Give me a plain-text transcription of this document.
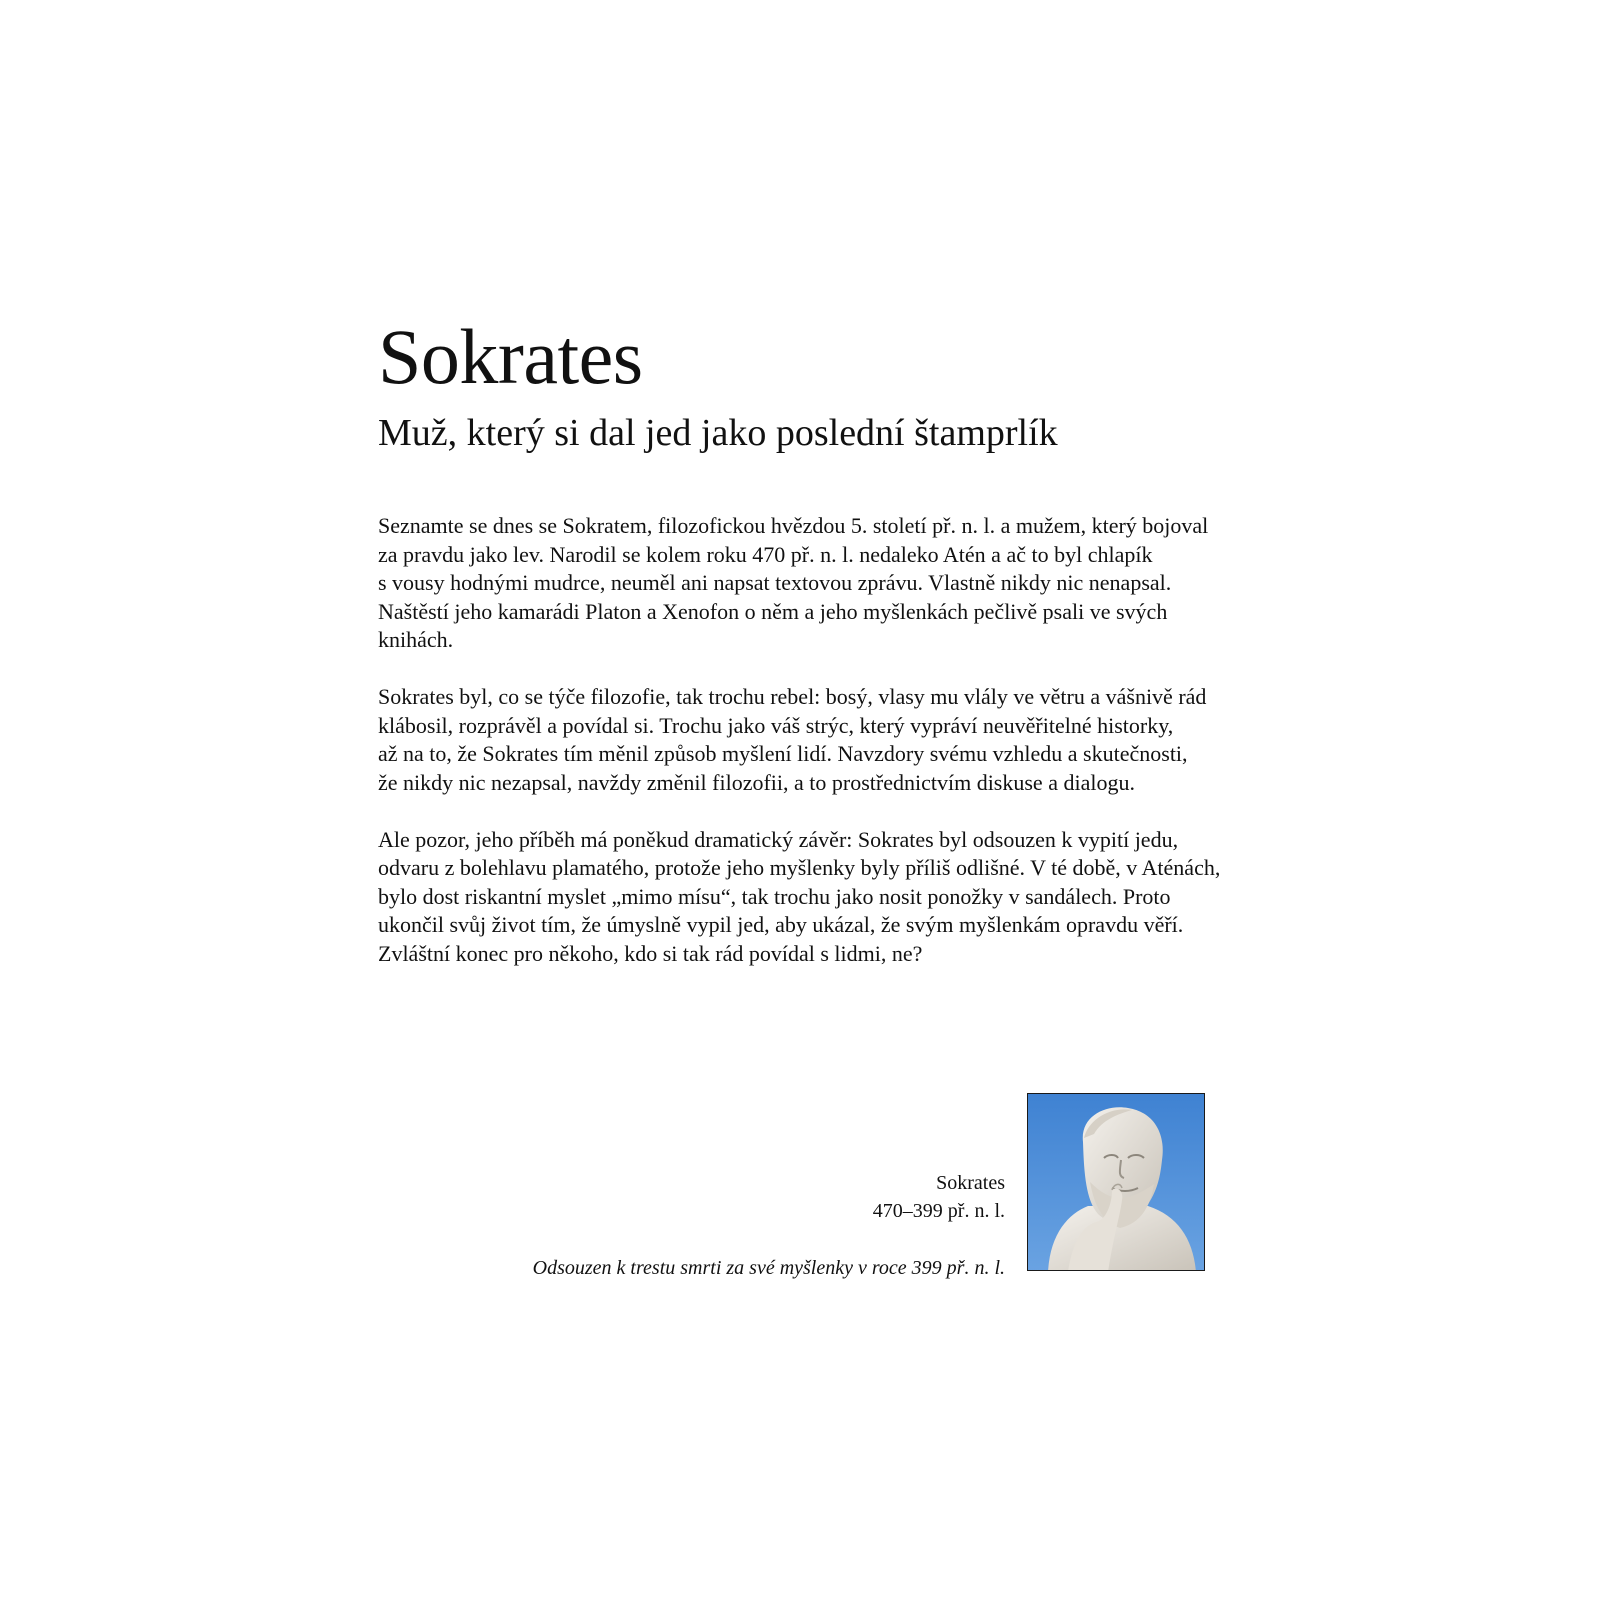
Sokrates
Muž, který si dal jed jako poslední štamprlík

Seznamte se dnes se Sokratem, filozofickou hvězdou 5. století př. n. l. a mužem, který bojoval
za pravdu jako lev. Narodil se kolem roku 470 př. n. l. nedaleko Atén a ač to byl chlapík
s vousy hodnými mudrce, neuměl ani napsat textovou zprávu. Vlastně nikdy nic nenapsal.
Naštěstí jeho kamarádi Platon a Xenofon o něm a jeho myšlenkách pečlivě psali ve svých
knihách.

Sokrates byl, co se týče filozofie, tak trochu rebel: bosý, vlasy mu vlály ve větru a vášnivě rád
klábosil, rozprávěl a povídal si. Trochu jako váš strýc, který vypráví neuvěřitelné historky,
až na to, že Sokrates tím měnil způsob myšlení lidí. Navzdory svému vzhledu a skutečnosti,
že nikdy nic nezapsal, navždy změnil filozofii, a to prostřednictvím diskuse a dialogu.

Ale pozor, jeho příběh má poněkud dramatický závěr: Sokrates byl odsouzen k vypití jedu,
odvaru z bolehlavu plamatého, protože jeho myšlenky byly příliš odlišné. V té době, v Aténách,
bylo dost riskantní myslet „mimo mísu“, tak trochu jako nosit ponožky v sandálech. Proto
ukončil svůj život tím, že úmyslně vypil jed, aby ukázal, že svým myšlenkám opravdu věří.
Zvláštní konec pro někoho, kdo si tak rád povídal s lidmi, ne?

Sokrates

470–399 př. n. l.

Odsouzen k trestu smrti za své myšlenky v roce 399 př. n. l.
